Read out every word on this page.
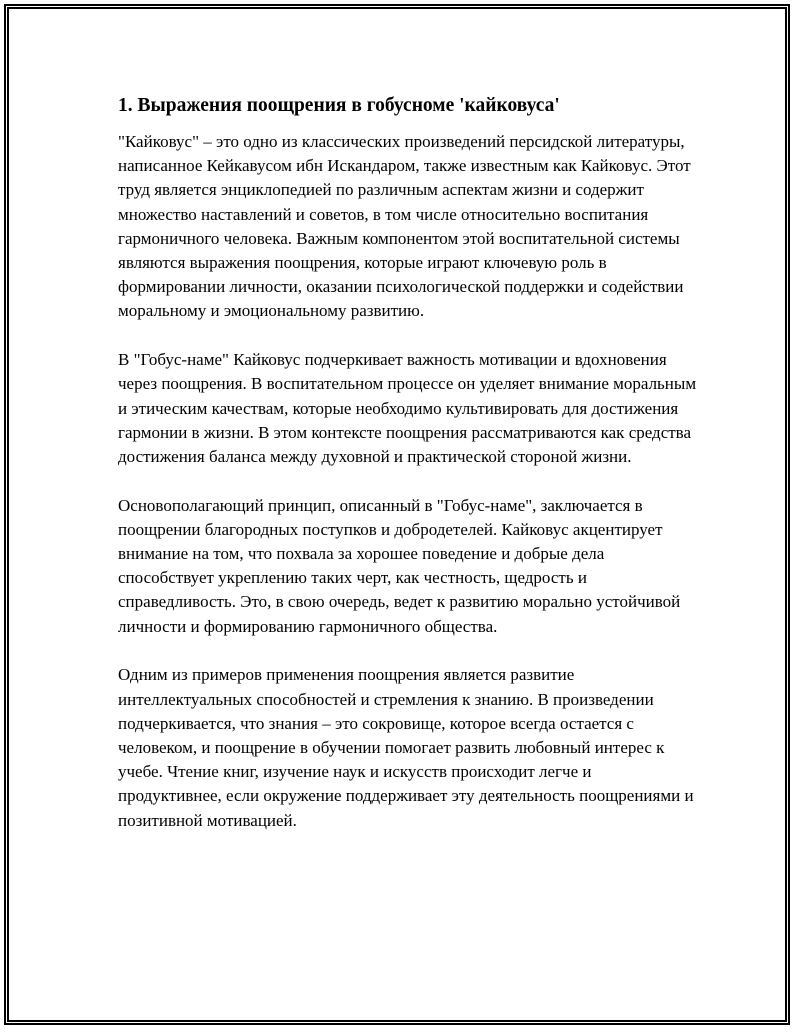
1. Выражения поощрения в гобусноме 'кайковуса'

"Кайковус" – это одно из классических произведений персидской литературы, написанное Кейкавусом ибн Искандаром, также известным как Кайковус. Этот труд является энциклопедией по различным аспектам жизни и содержит множество наставлений и советов, в том числе относительно воспитания гармоничного человека. Важным компонентом этой воспитательной системы являются выражения поощрения, которые играют ключевую роль в формировании личности, оказании психологической поддержки и содействии моральному и эмоциональному развитию.

В "Гобус-наме" Кайковус подчеркивает важность мотивации и вдохновения через поощрения. В воспитательном процессе он уделяет внимание моральным и этическим качествам, которые необходимо культивировать для достижения гармонии в жизни. В этом контексте поощрения рассматриваются как средства достижения баланса между духовной и практической стороной жизни.

Основополагающий принцип, описанный в "Гобус-наме", заключается в поощрении благородных поступков и добродетелей. Кайковус акцентирует внимание на том, что похвала за хорошее поведение и добрые дела способствует укреплению таких черт, как честность, щедрость и справедливость. Это, в свою очередь, ведет к развитию морально устойчивой личности и формированию гармоничного общества.

Одним из примеров применения поощрения является развитие интеллектуальных способностей и стремления к знанию. В произведении подчеркивается, что знания – это сокровище, которое всегда остается с человеком, и поощрение в обучении помогает развить любовный интерес к учебе. Чтение книг, изучение наук и искусств происходит легче и продуктивнее, если окружение поддерживает эту деятельность поощрениями и позитивной мотивацией.
